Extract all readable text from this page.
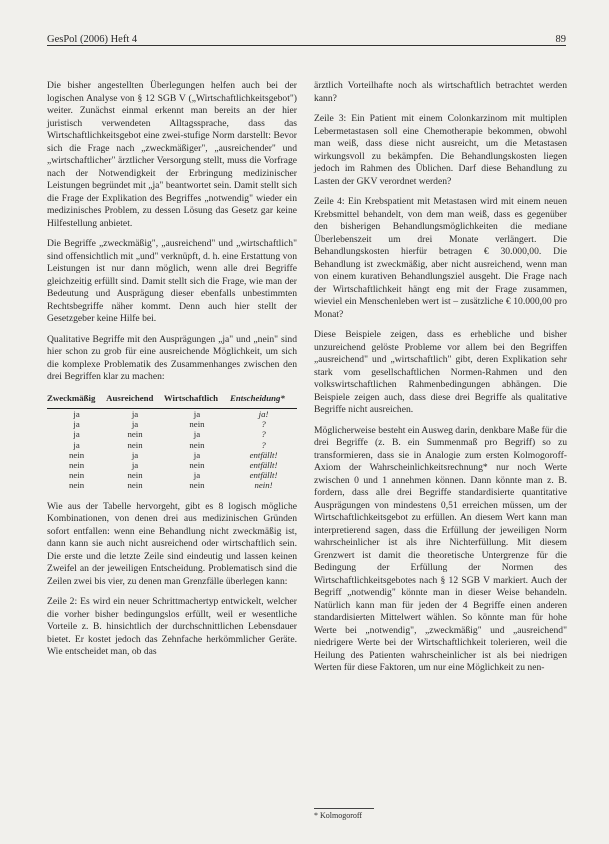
GesPol (2006) Heft 4	89

Die bisher angestellten Überlegungen helfen auch bei der logischen Analyse von § 12 SGB V („Wirtschaftlichkeitsgebot") weiter. Zunächst einmal erkennt man bereits an der hier juristisch verwendeten Alltagssprache, dass das Wirtschaftlichkeitsgebot eine zwei-stufige Norm darstellt: Bevor sich die Frage nach „zweckmäßiger", „ausreichender" und „wirtschaftlicher" ärztlicher Versorgung stellt, muss die Vorfrage nach der Notwendigkeit der Erbringung medizinischer Leistungen begründet mit „ja" beantwortet sein. Damit stellt sich die Frage der Explikation des Begriffes „notwendig" wieder ein medizinisches Problem, zu dessen Lösung das Gesetz gar keine Hilfestellung anbietet.

Die Begriffe „zweckmäßig", „ausreichend" und „wirtschaftlich" sind offensichtlich mit „und" verknüpft, d. h. eine Erstattung von Leistungen ist nur dann möglich, wenn alle drei Begriffe gleichzeitig erfüllt sind. Damit stellt sich die Frage, wie man der Bedeutung und Ausprägung dieser ebenfalls unbestimmten Rechtsbegriffe näher kommt. Denn auch hier stellt der Gesetzgeber keine Hilfe bei.

Qualitative Begriffe mit den Ausprägungen „ja" und „nein" sind hier schon zu grob für eine ausreichende Möglichkeit, um sich die komplexe Problematik des Zusammenhanges zwischen den drei Begriffen klar zu machen:

Zweckmäßig	Ausreichend	Wirtschaftlich	Entscheidung*
ja	ja	ja	ja!
ja	ja	nein	?
ja	nein	ja	?
ja	nein	nein	?
nein	ja	ja	entfällt!
nein	ja	nein	entfällt!
nein	nein	ja	entfällt!
nein	nein	nein	nein!

Wie aus der Tabelle hervorgeht, gibt es 8 logisch mögliche Kombinationen, von denen drei aus medizinischen Gründen sofort entfallen: wenn eine Behandlung nicht zweckmäßig ist, dann kann sie auch nicht ausreichend oder wirtschaftlich sein. Die erste und die letzte Zeile sind eindeutig und lassen keinen Zweifel an der jeweiligen Entscheidung. Problematisch sind die Zeilen zwei bis vier, zu denen man Grenzfälle überlegen kann:

Zeile 2: Es wird ein neuer Schrittmachertyp entwickelt, welcher die vorher bisher bedingungslos erfüllt, weil er wesentliche Vorteile z. B. hinsichtlich der durchschnittlichen Lebensdauer bietet. Er kostet jedoch das Zehnfache herkömmlicher Geräte. Wie entscheidet man, ob das

ärztlich Vorteilhafte noch als wirtschaftlich betrachtet werden kann?

Zeile 3: Ein Patient mit einem Colonkarzinom mit multiplen Lebermetastasen soll eine Chemotherapie bekommen, obwohl man weiß, dass diese nicht ausreicht, um die Metastasen wirkungsvoll zu bekämpfen. Die Behandlungskosten liegen jedoch im Rahmen des Üblichen. Darf diese Behandlung zu Lasten der GKV verordnet werden?

Zeile 4: Ein Krebspatient mit Metastasen wird mit einem neuen Krebsmittel behandelt, von dem man weiß, dass es gegenüber den bisherigen Behandlungsmöglichkeiten die mediane Überlebenszeit um drei Monate verlängert. Die Behandlungskosten hierfür betragen € 30.000,00. Die Behandlung ist zweckmäßig, aber nicht ausreichend, wenn man von einem kurativen Behandlungsziel ausgeht. Die Frage nach der Wirtschaftlichkeit hängt eng mit der Frage zusammen, wieviel ein Menschenleben wert ist – zusätzliche € 10.000,00 pro Monat?

Diese Beispiele zeigen, dass es erhebliche und bisher unzureichend gelöste Probleme vor allem bei den Begriffen „ausreichend" und „wirtschaftlich" gibt, deren Explikation sehr stark vom gesellschaftlichen Normen-Rahmen und den volkswirtschaftlichen Rahmenbedingungen abhängen. Die Beispiele zeigen auch, dass diese drei Begriffe als qualitative Begriffe nicht ausreichen.

Möglicherweise besteht ein Ausweg darin, denkbare Maße für die drei Begriffe (z. B. ein Summenmaß pro Begriff) so zu transformieren, dass sie in Analogie zum ersten Kolmogoroff-Axiom der Wahrscheinlichkeitsrechnung* nur noch Werte zwischen 0 und 1 annehmen können. Dann könnte man z. B. fordern, dass alle drei Begriffe standardisierte quantitative Ausprägungen von mindestens 0,51 erreichen müssen, um der Wirtschaftlichkeitsgebot zu erfüllen. An diesem Wert kann man interpretierend sagen, dass die Erfüllung der jeweiligen Norm wahrscheinlicher ist als ihre Nichterfüllung. Mit diesem Grenzwert ist damit die theoretische Untergrenze für die Bedingung der Erfüllung der Normen des Wirtschaftlichkeitsgebotes nach § 12 SGB V markiert. Auch der Begriff „notwendig" könnte man in dieser Weise behandeln. Natürlich kann man für jeden der 4 Begriffe einen anderen standardisierten Mittelwert wählen. So könnte man für hohe Werte bei „notwendig", „zweckmäßig" und „ausreichend" niedrigere Werte bei der Wirtschaftlichkeit tolerieren, weil die Heilung des Patienten wahrscheinlicher ist als bei niedrigen Werten für diese Faktoren, um nur eine Möglichkeit zu nen-

* Kolmogoroff
